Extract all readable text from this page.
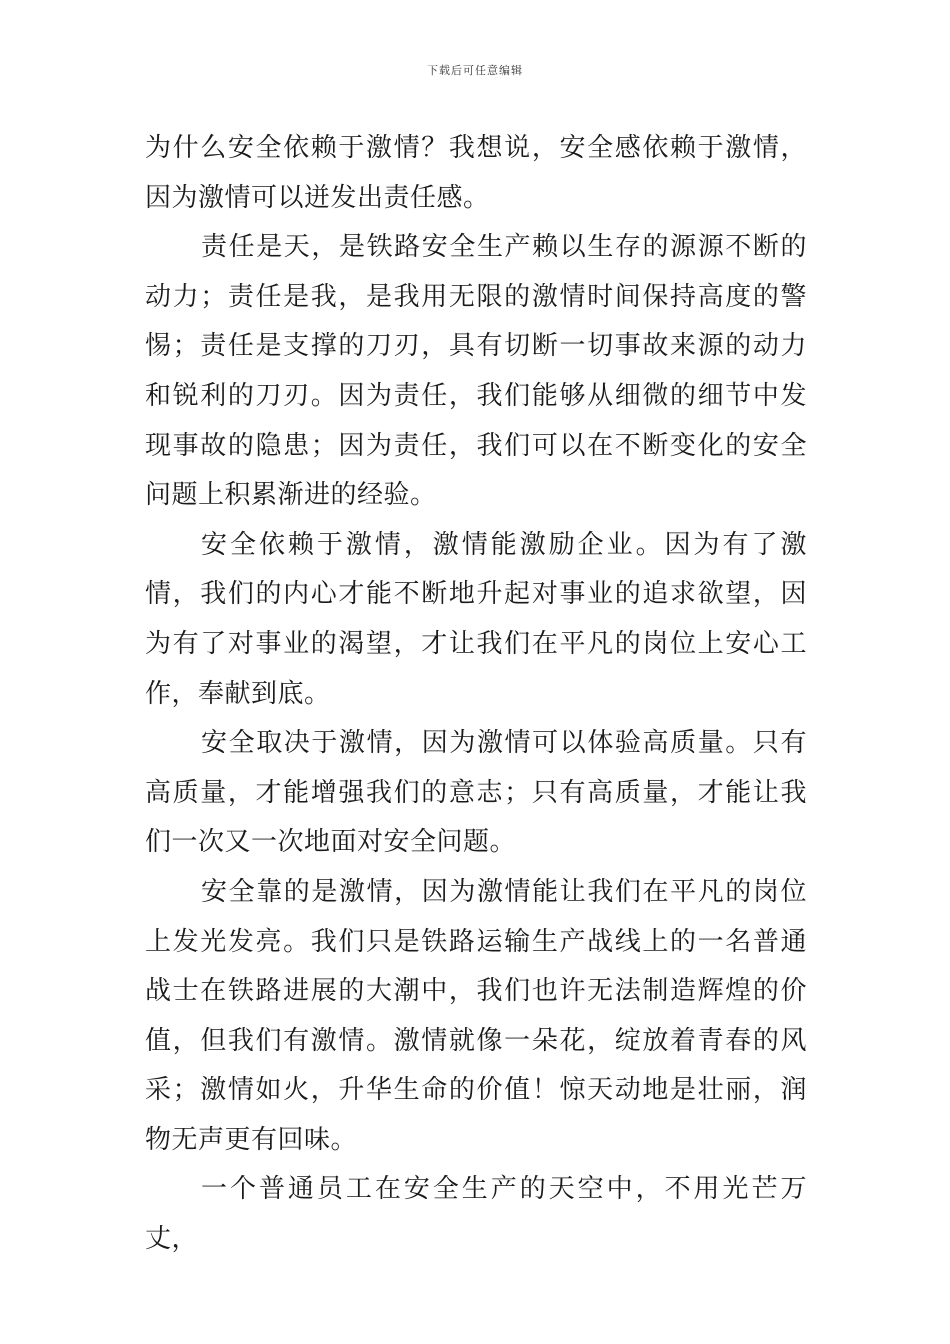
下载后可任意编辑

为什么安全依赖于激情？我想说，安全感依赖于激情，因为激情可以迸发出责任感。

责任是天，是铁路安全生产赖以生存的源源不断的动力；责任是我，是我用无限的激情时间保持高度的警惕；责任是支撑的刀刃，具有切断一切事故来源的动力和锐利的刀刃。因为责任，我们能够从细微的细节中发现事故的隐患；因为责任，我们可以在不断变化的安全问题上积累渐进的经验。

安全依赖于激情，激情能激励企业。因为有了激情，我们的内心才能不断地升起对事业的追求欲望，因为有了对事业的渴望，才让我们在平凡的岗位上安心工作，奉献到底。

安全取决于激情，因为激情可以体验高质量。只有高质量，才能增强我们的意志；只有高质量，才能让我们一次又一次地面对安全问题。

安全靠的是激情，因为激情能让我们在平凡的岗位上发光发亮。我们只是铁路运输生产战线上的一名普通战士在铁路进展的大潮中，我们也许无法制造辉煌的价值，但我们有激情。激情就像一朵花，绽放着青春的风采；激情如火，升华生命的价值！惊天动地是壮丽，润物无声更有回味。

一个普通员工在安全生产的天空中，不用光芒万丈，
